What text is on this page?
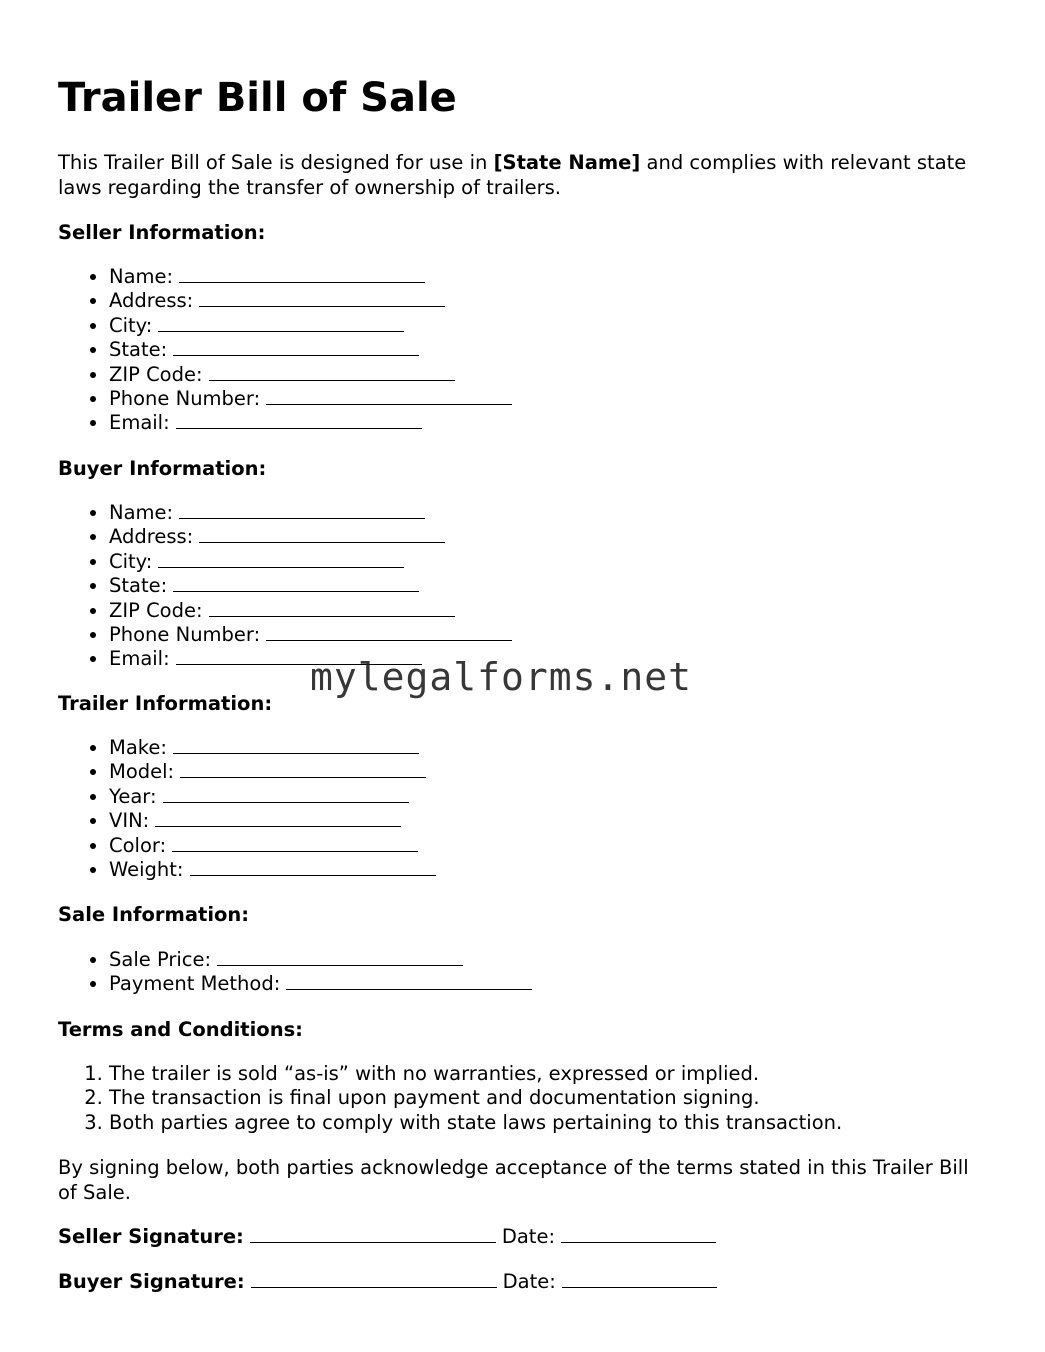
Trailer Bill of Sale

This Trailer Bill of Sale is designed for use in [State Name] and complies with relevant state laws regarding the transfer of ownership of trailers.

Seller Information:

• Name:
• Address:
• City:
• State:
• ZIP Code:
• Phone Number:
• Email:

Buyer Information:

• Name:
• Address:
• City:
• State:
• ZIP Code:
• Phone Number:
• Email:

Trailer Information:

• Make:
• Model:
• Year:
• VIN:
• Color:
• Weight:

Sale Information:

• Sale Price:
• Payment Method:

Terms and Conditions:

1. The trailer is sold “as-is” with no warranties, expressed or implied.
2. The transaction is final upon payment and documentation signing.
3. Both parties agree to comply with state laws pertaining to this transaction.

By signing below, both parties acknowledge acceptance of the terms stated in this Trailer Bill of Sale.

Seller Signature:	Date:

Buyer Signature:	Date:

mylegalforms.net
